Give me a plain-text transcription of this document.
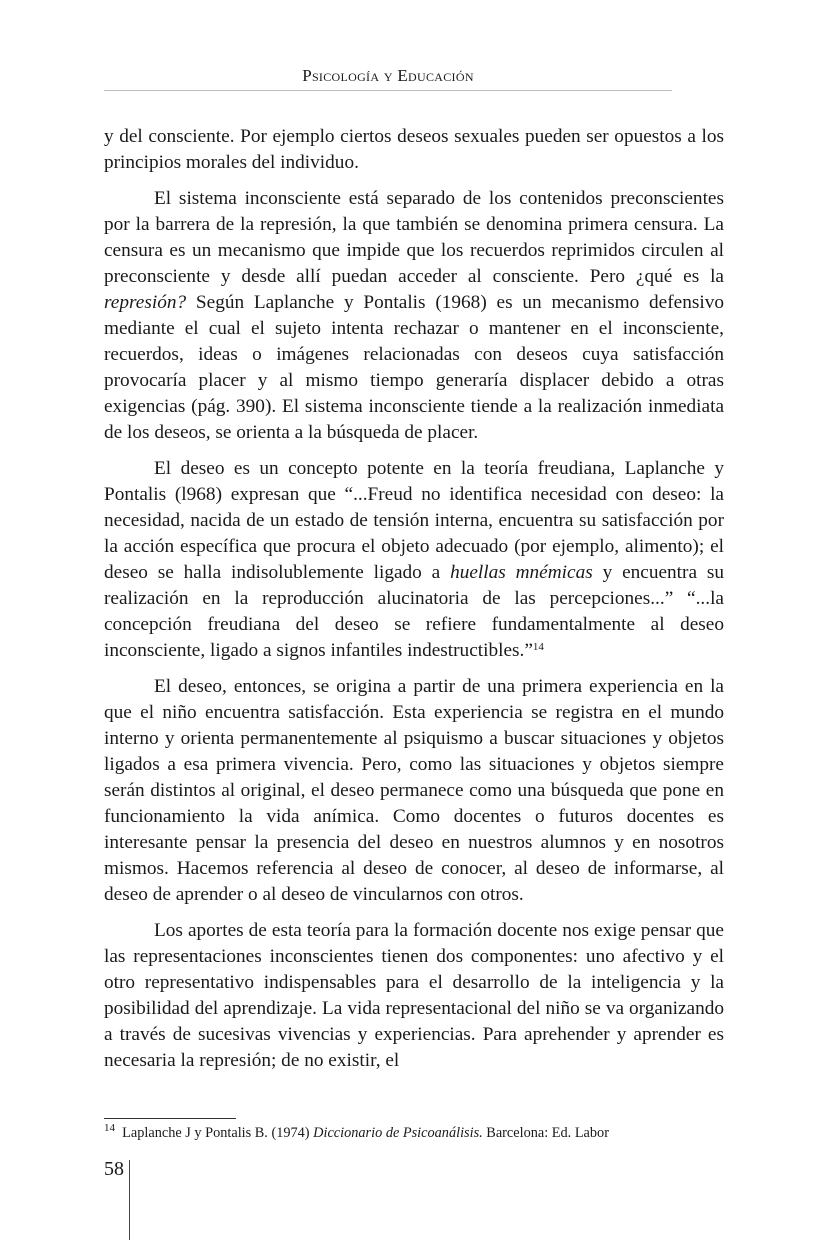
Psicología y Educación

y del consciente. Por ejemplo ciertos deseos sexuales pueden ser opuestos a los principios morales del individuo.

El sistema inconsciente está separado de los contenidos preconscientes por la barrera de la represión, la que también se denomina primera censura. La censura es un mecanismo que impide que los recuerdos reprimidos circulen al preconsciente y desde allí puedan acceder al consciente. Pero ¿qué es la represión? Según Laplanche y Pontalis (1968) es un mecanismo defensivo mediante el cual el sujeto intenta rechazar o mantener en el inconsciente, recuerdos, ideas o imágenes relacionadas con deseos cuya satisfacción provocaría placer y al mismo tiempo generaría displacer debido a otras exigencias (pág. 390). El sistema inconsciente tiende a la realización inmediata de los deseos, se orienta a la búsqueda de placer.

El deseo es un concepto potente en la teoría freudiana, Laplanche y Pontalis (l968) expresan que “...Freud no identifica necesidad con deseo: la necesidad, nacida de un estado de tensión interna, encuentra su satisfacción por la acción específica que procura el objeto adecuado (por ejemplo, alimento); el deseo se halla indisolublemente ligado a huellas mnémicas y encuentra su realización en la reproducción alucinatoria de las percepciones...” “...la concepción freudiana del deseo se refiere fundamentalmente al deseo inconsciente, ligado a signos infantiles indestructibles.”$^{14}$

El deseo, entonces, se origina a partir de una primera experiencia en la que el niño encuentra satisfacción. Esta experiencia se registra en el mundo interno y orienta permanentemente al psiquismo a buscar situaciones y objetos ligados a esa primera vivencia. Pero, como las situaciones y objetos siempre serán distintos al original, el deseo permanece como una búsqueda que pone en funcionamiento la vida anímica. Como docentes o futuros docentes es interesante pensar la presencia del deseo en nuestros alumnos y en nosotros mismos. Hacemos referencia al deseo de conocer, al deseo de informarse, al deseo de aprender o al deseo de vincularnos con otros.

Los aportes de esta teoría para la formación docente nos exige pensar que las representaciones inconscientes tienen dos componentes: uno afectivo y el otro representativo indispensables para el desarrollo de la inteligencia y la posibilidad del aprendizaje. La vida representacional del niño se va organizando a través de sucesivas vivencias y experiencias. Para aprehender y aprender es necesaria la represión; de no existir, el

$^{14}$ Laplanche J y Pontalis B. (1974) Diccionario de Psicoanálisis. Barcelona: Ed. Labor
58
